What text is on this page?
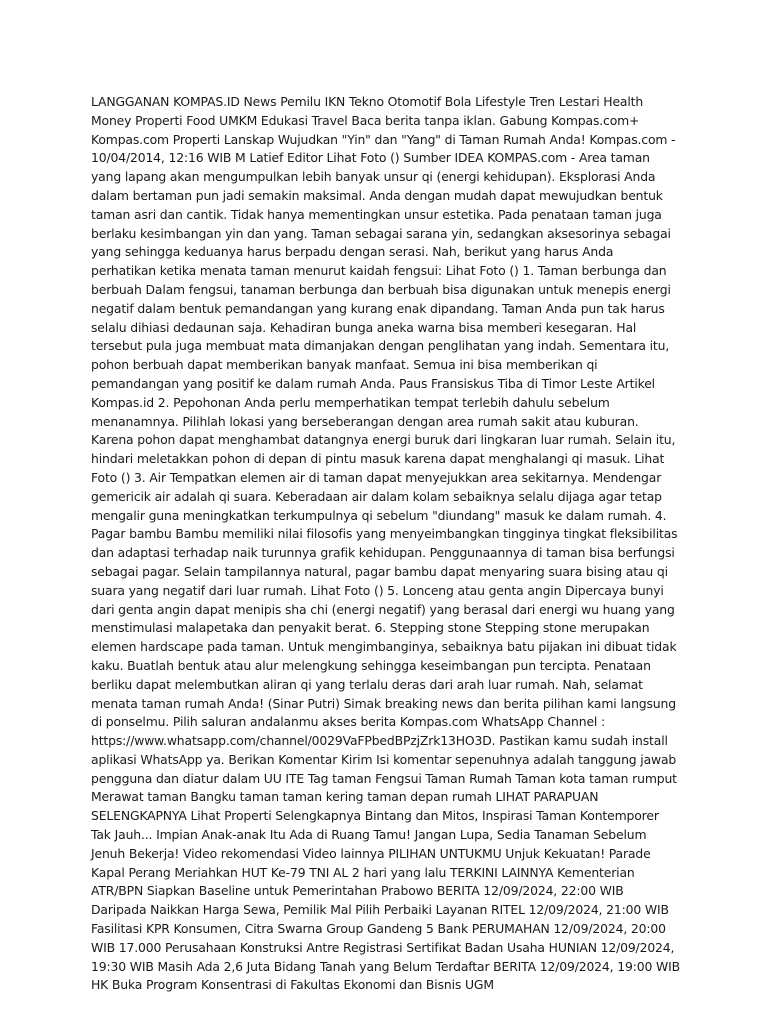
LANGGANAN KOMPAS.ID News Pemilu IKN Tekno Otomotif Bola Lifestyle Tren Lestari Health Money Properti Food UMKM Edukasi Travel Baca berita tanpa iklan. Gabung Kompas.com+ Kompas.com Properti Lanskap Wujudkan "Yin" dan "Yang" di Taman Rumah Anda! Kompas.com - 10/04/2014, 12:16 WIB M Latief Editor Lihat Foto () Sumber IDEA KOMPAS.com - Area taman yang lapang akan mengumpulkan lebih banyak unsur qi (energi kehidupan). Eksplorasi Anda dalam bertaman pun jadi semakin maksimal. Anda dengan mudah dapat mewujudkan bentuk taman asri dan cantik. Tidak hanya mementingkan unsur estetika. Pada penataan taman juga berlaku kesimbangan yin dan yang. Taman sebagai sarana yin, sedangkan aksesorinya sebagai yang sehingga keduanya harus berpadu dengan serasi. Nah, berikut yang harus Anda perhatikan ketika menata taman menurut kaidah fengsui: Lihat Foto () 1. Taman berbunga dan berbuah Dalam fengsui, tanaman berbunga dan berbuah bisa digunakan untuk menepis energi negatif dalam bentuk pemandangan yang kurang enak dipandang. Taman Anda pun tak harus selalu dihiasi dedaunan saja. Kehadiran bunga aneka warna bisa memberi kesegaran. Hal tersebut pula juga membuat mata dimanjakan dengan penglihatan yang indah. Sementara itu, pohon berbuah dapat memberikan banyak manfaat. Semua ini bisa memberikan qi pemandangan yang positif ke dalam rumah Anda. Paus Fransiskus Tiba di Timor Leste Artikel Kompas.id 2. Pepohonan Anda perlu memperhatikan tempat terlebih dahulu sebelum menanamnya. Pilihlah lokasi yang berseberangan dengan area rumah sakit atau kuburan. Karena pohon dapat menghambat datangnya energi buruk dari lingkaran luar rumah. Selain itu, hindari meletakkan pohon di depan di pintu masuk karena dapat menghalangi qi masuk. Lihat Foto () 3. Air Tempatkan elemen air di taman dapat menyejukkan area sekitarnya. Mendengar gemericik air adalah qi suara. Keberadaan air dalam kolam sebaiknya selalu dijaga agar tetap mengalir guna meningkatkan terkumpulnya qi sebelum "diundang" masuk ke dalam rumah. 4. Pagar bambu Bambu memiliki nilai filosofis yang menyeimbangkan tingginya tingkat fleksibilitas dan adaptasi terhadap naik turunnya grafik kehidupan. Penggunaannya di taman bisa berfungsi sebagai pagar. Selain tampilannya natural, pagar bambu dapat menyaring suara bising atau qi suara yang negatif dari luar rumah. Lihat Foto () 5. Lonceng atau genta angin Dipercaya bunyi dari genta angin dapat menipis sha chi (energi negatif) yang berasal dari energi wu huang yang menstimulasi malapetaka dan penyakit berat. 6. Stepping stone Stepping stone merupakan elemen hardscape pada taman. Untuk mengimbanginya, sebaiknya batu pijakan ini dibuat tidak kaku. Buatlah bentuk atau alur melengkung sehingga keseimbangan pun tercipta. Penataan berliku dapat melembutkan aliran qi yang terlalu deras dari arah luar rumah. Nah, selamat menata taman rumah Anda! (Sinar Putri) Simak breaking news dan berita pilihan kami langsung di ponselmu. Pilih saluran andalanmu akses berita Kompas.com WhatsApp Channel : https://www.whatsapp.com/channel/0029VaFPbedBPzjZrk13HO3D. Pastikan kamu sudah install aplikasi WhatsApp ya. Berikan Komentar Kirim Isi komentar sepenuhnya adalah tanggung jawab pengguna dan diatur dalam UU ITE Tag taman Fengsui Taman Rumah Taman kota taman rumput Merawat taman Bangku taman taman kering taman depan rumah LIHAT PARAPUAN SELENGKAPNYA Lihat Properti Selengkapnya Bintang dan Mitos, Inspirasi Taman Kontemporer Tak Jauh... Impian Anak-anak Itu Ada di Ruang Tamu! Jangan Lupa, Sedia Tanaman Sebelum Jenuh Bekerja! Video rekomendasi Video lainnya PILIHAN UNTUKMU Unjuk Kekuatan! Parade Kapal Perang Meriahkan HUT Ke-79 TNI AL 2 hari yang lalu TERKINI LAINNYA Kementerian ATR/BPN Siapkan Baseline untuk Pemerintahan Prabowo BERITA 12/09/2024, 22:00 WIB Daripada Naikkan Harga Sewa, Pemilik Mal Pilih Perbaiki Layanan RITEL 12/09/2024, 21:00 WIB Fasilitasi KPR Konsumen, Citra Swarna Group Gandeng 5 Bank PERUMAHAN 12/09/2024, 20:00 WIB 17.000 Perusahaan Konstruksi Antre Registrasi Sertifikat Badan Usaha HUNIAN 12/09/2024, 19:30 WIB Masih Ada 2,6 Juta Bidang Tanah yang Belum Terdaftar BERITA 12/09/2024, 19:00 WIB HK Buka Program Konsentrasi di Fakultas Ekonomi dan Bisnis UGM
